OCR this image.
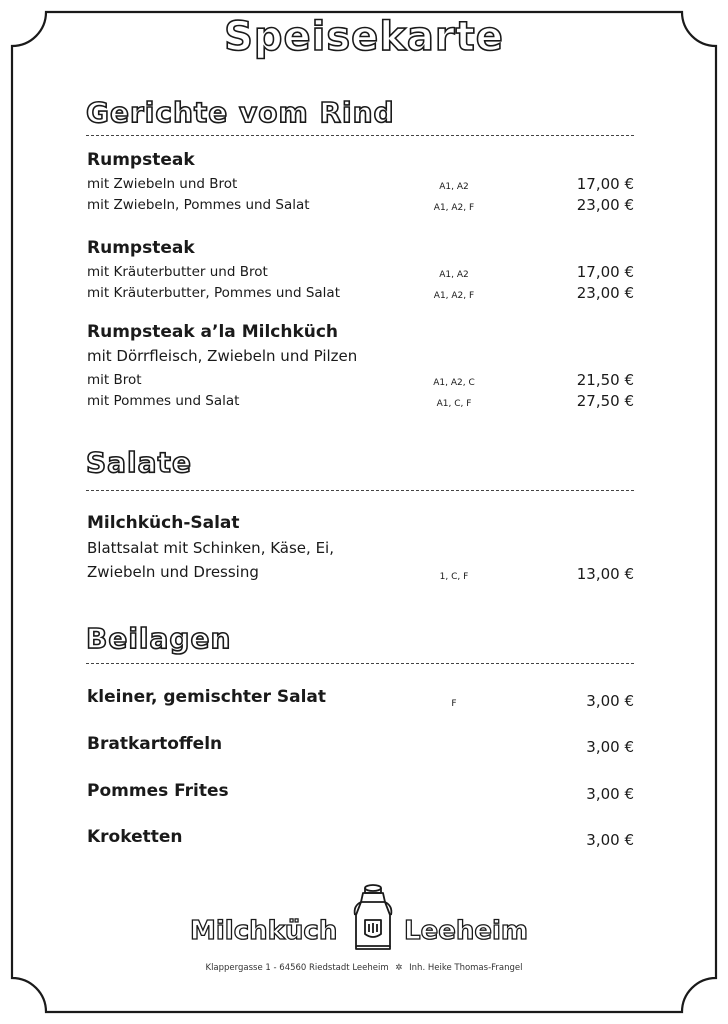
Speisekarte
Gerichte vom Rind
Rumpsteak
mit Zwiebeln und Brot	A1, A2	17,00 €
mit Zwiebeln, Pommes und Salat	A1, A2, F	23,00 €
Rumpsteak
mit Kräuterbutter und Brot	A1, A2	17,00 €
mit Kräuterbutter, Pommes und Salat	A1, A2, F	23,00 €
Rumpsteak a’la Milchküch
mit Dörrfleisch, Zwiebeln und Pilzen
mit Brot	A1, A2, C	21,50 €
mit Pommes und Salat	A1, C, F	27,50 €
Salate
Milchküch-Salat
Blattsalat mit Schinken, Käse, Ei,
Zwiebeln und Dressing	1, C, F	13,00 €
Beilagen
kleiner, gemischter Salat	F	3,00 €
Bratkartoffeln	3,00 €
Pommes Frites	3,00 €
Kroketten	3,00 €
Milchküch	Leeheim
Klappergasse 1 - 64560 Riedstadt Leeheim ✲ Inh. Heike Thomas-Frangel
